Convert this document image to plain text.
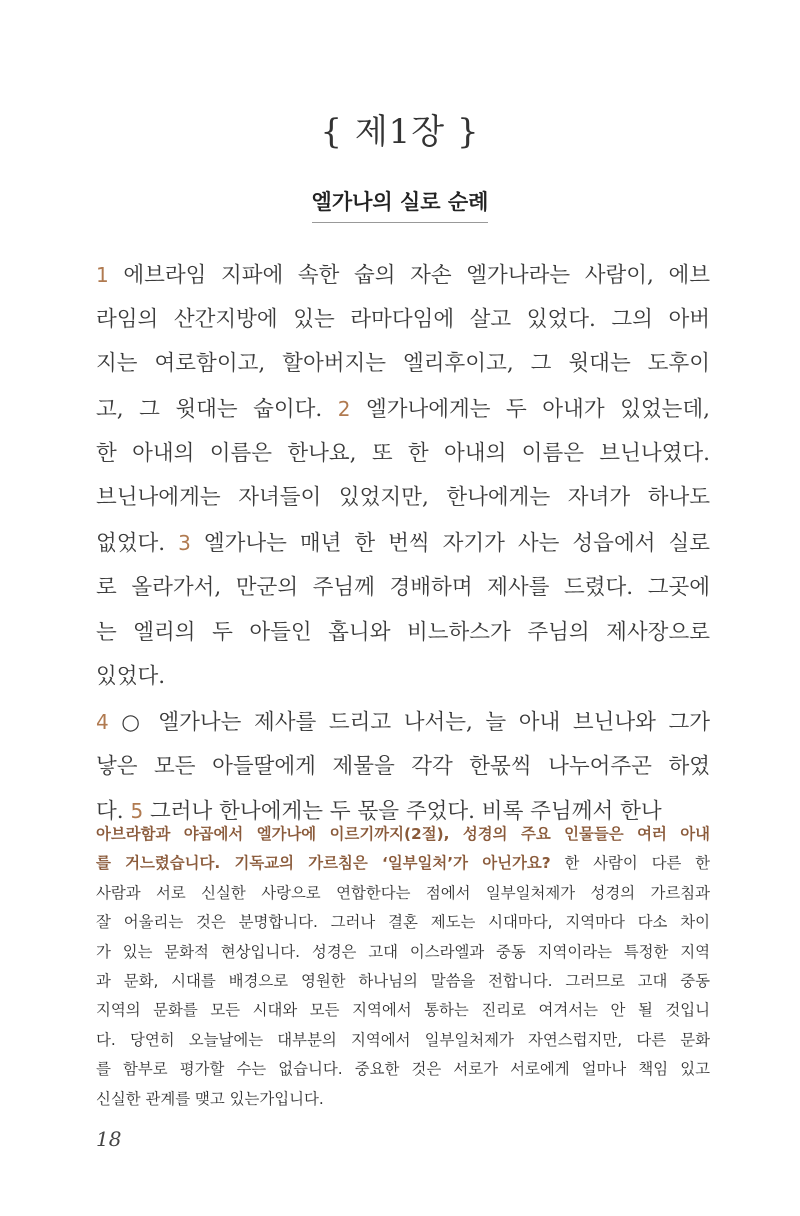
{ 제1장 }
엘가나의 실로 순례
1 에브라임 지파에 속한 숩의 자손 엘가나라는 사람이, 에브
라임의 산간지방에 있는 라마다임에 살고 있었다. 그의 아버
지는 여로함이고, 할아버지는 엘리후이고, 그 윗대는 도후이
고, 그 윗대는 숩이다. 2 엘가나에게는 두 아내가 있었는데,
한 아내의 이름은 한나요, 또 한 아내의 이름은 브닌나였다.
브닌나에게는 자녀들이 있었지만, 한나에게는 자녀가 하나도
없었다. 3 엘가나는 매년 한 번씩 자기가 사는 성읍에서 실로
로 올라가서, 만군의 주님께 경배하며 제사를 드렸다. 그곳에
는 엘리의 두 아들인 홉니와 비느하스가 주님의 제사장으로
있었다.
4 ○ 엘가나는 제사를 드리고 나서는, 늘 아내 브닌나와 그가
낳은 모든 아들딸에게 제물을 각각 한몫씩 나누어주곤 하였
다. 5 그러나 한나에게는 두 몫을 주었다. 비록 주님께서 한나
아브라함과 야곱에서 엘가나에 이르기까지(2절), 성경의 주요 인물들은 여러 아내
를 거느렸습니다. 기독교의 가르침은 ‘일부일처’가 아닌가요? 한 사람이 다른 한
사람과 서로 신실한 사랑으로 연합한다는 점에서 일부일처제가 성경의 가르침과
잘 어울리는 것은 분명합니다. 그러나 결혼 제도는 시대마다, 지역마다 다소 차이
가 있는 문화적 현상입니다. 성경은 고대 이스라엘과 중동 지역이라는 특정한 지역
과 문화, 시대를 배경으로 영원한 하나님의 말씀을 전합니다. 그러므로 고대 중동
지역의 문화를 모든 시대와 모든 지역에서 통하는 진리로 여겨서는 안 될 것입니
다. 당연히 오늘날에는 대부분의 지역에서 일부일처제가 자연스럽지만, 다른 문화
를 함부로 평가할 수는 없습니다. 중요한 것은 서로가 서로에게 얼마나 책임 있고
신실한 관계를 맺고 있는가입니다.
18
